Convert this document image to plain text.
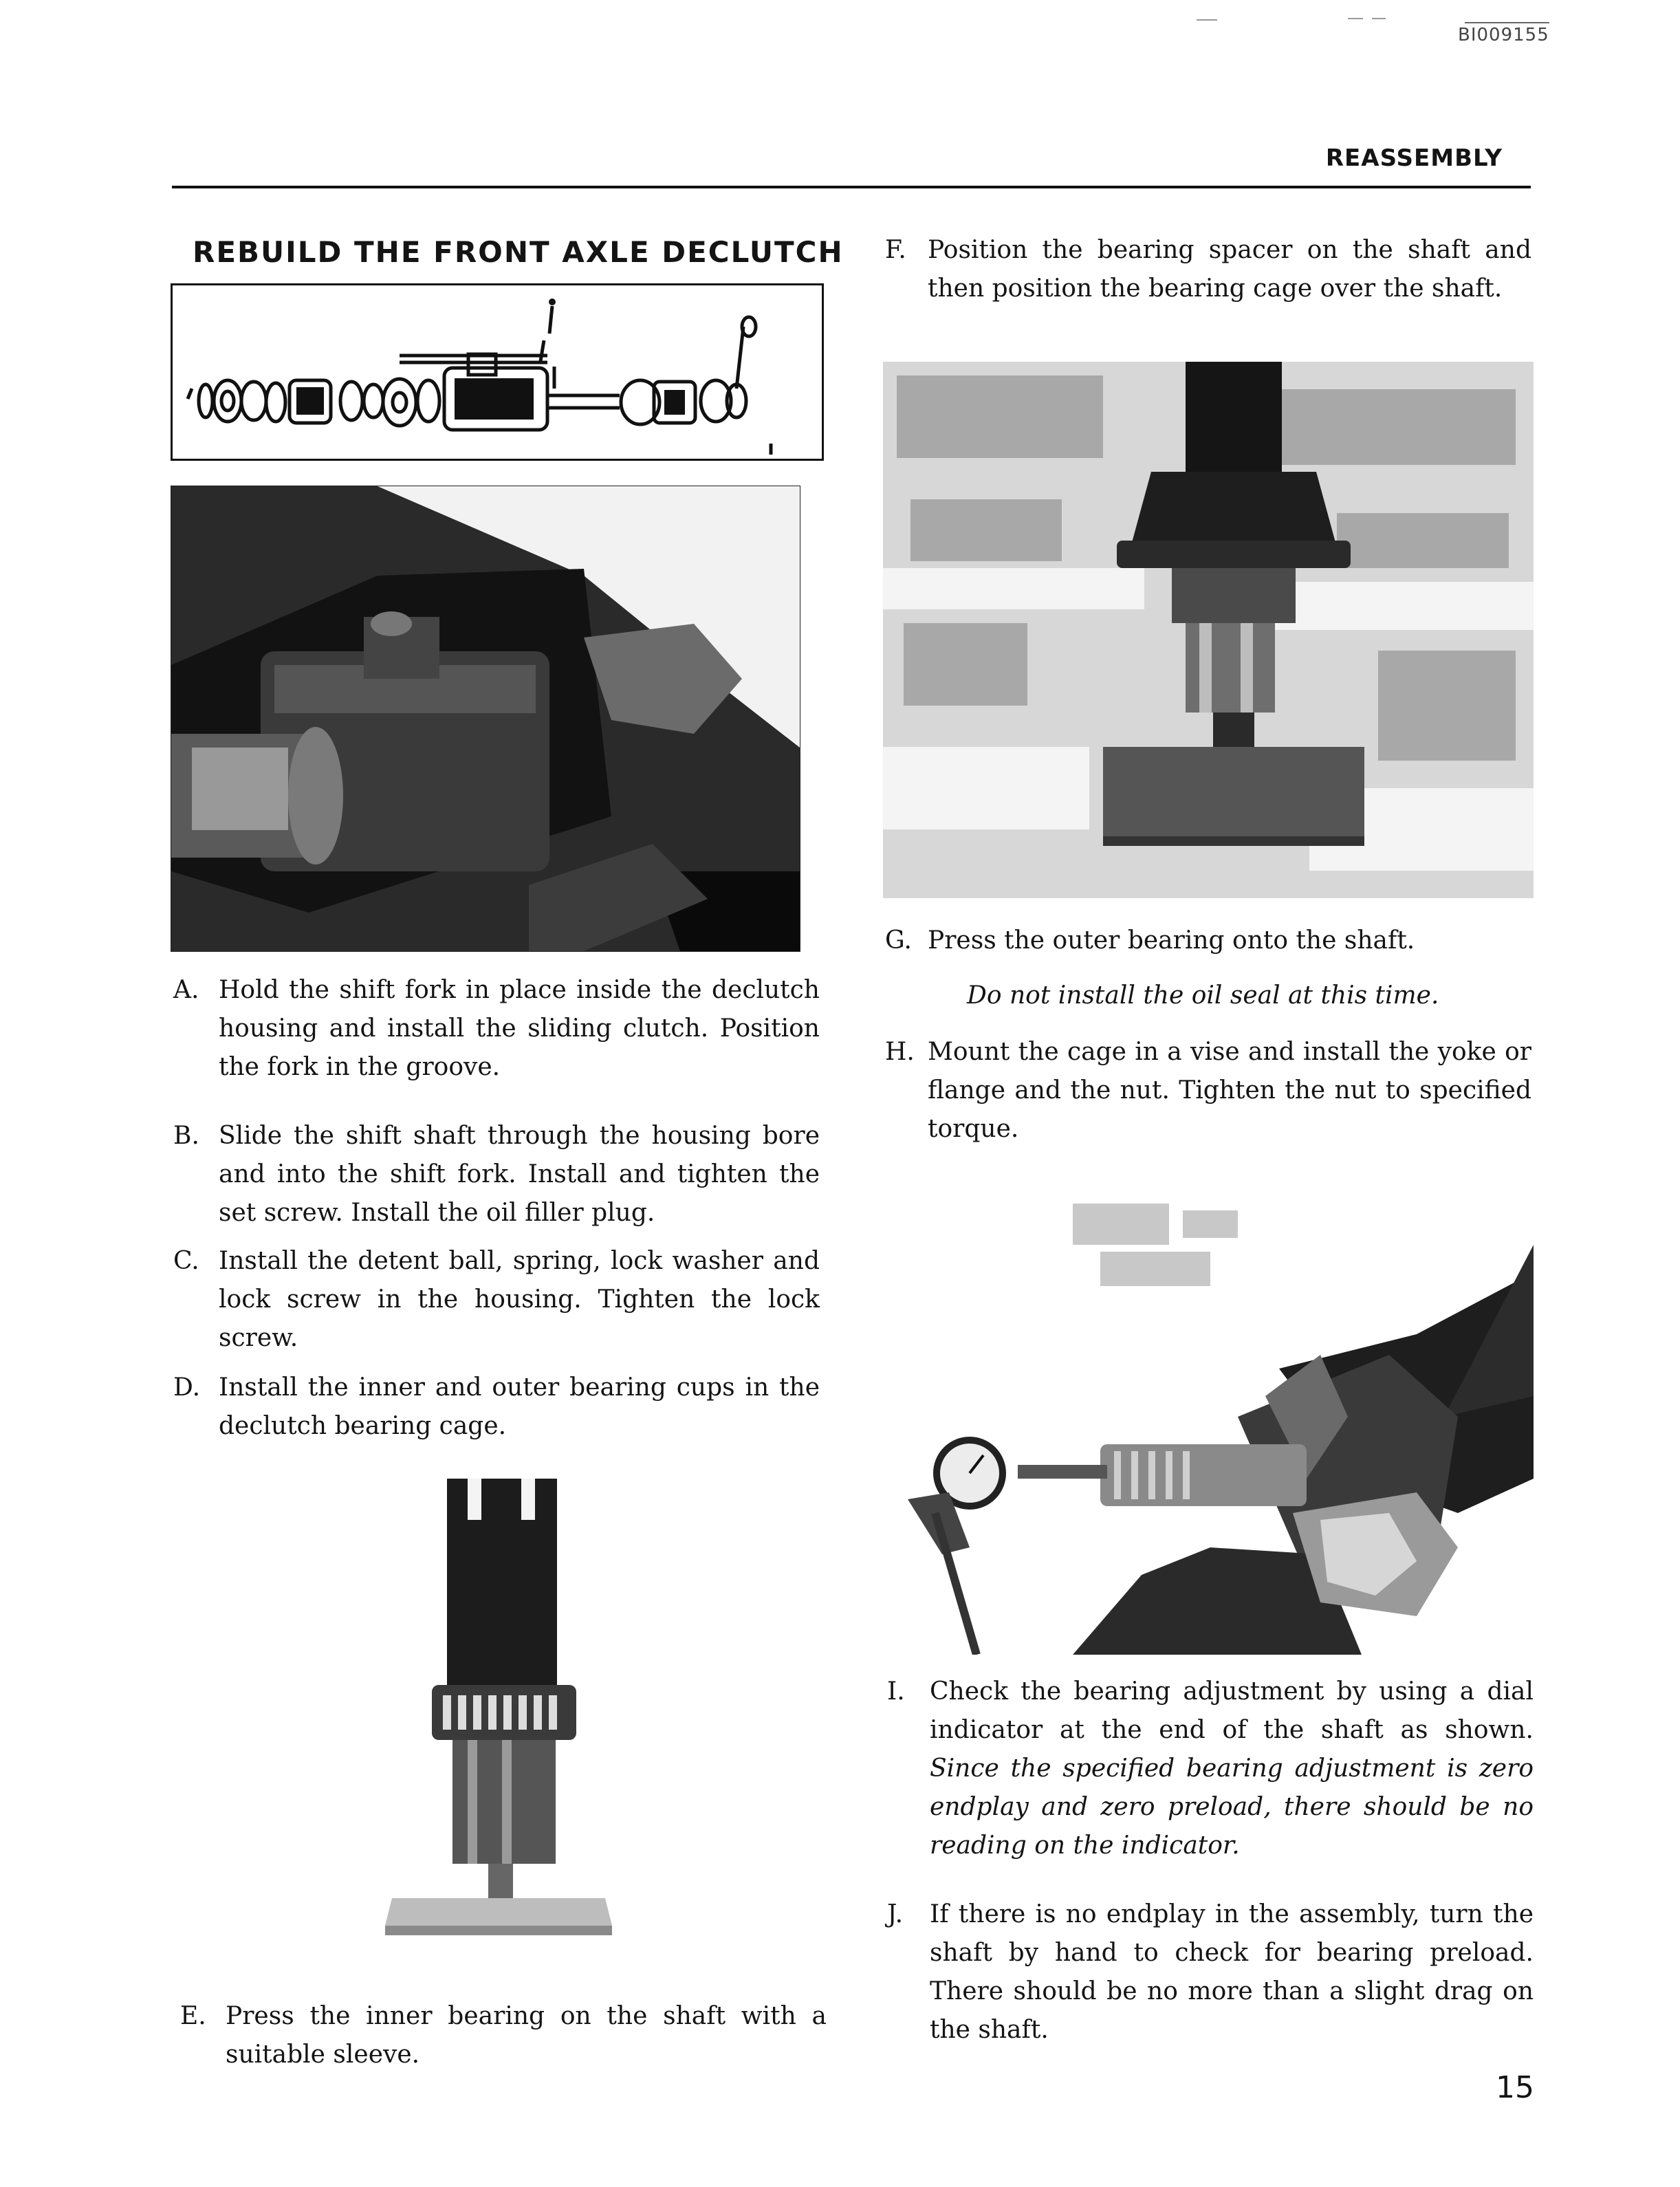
BI009155
REASSEMBLY
REBUILD THE FRONT AXLE DECLUTCH
A. Hold the shift fork in place inside the declutch housing and install the sliding clutch. Position the fork in the groove.
B. Slide the shift shaft through the housing bore and into the shift fork. Install and tighten the set screw. Install the oil filler plug.
C. Install the detent ball, spring, lock washer and lock screw in the housing. Tighten the lock screw.
D. Install the inner and outer bearing cups in the declutch bearing cage.
E. Press the inner bearing on the shaft with a suitable sleeve.
F. Position the bearing spacer on the shaft and then position the bearing cage over the shaft.
G. Press the outer bearing onto the shaft.
Do not install the oil seal at this time.
H. Mount the cage in a vise and install the yoke or flange and the nut. Tighten the nut to specified torque.
I. Check the bearing adjustment by using a dial indicator at the end of the shaft as shown. Since the specified bearing adjustment is zero endplay and zero preload, there should be no reading on the indicator.
J. If there is no endplay in the assembly, turn the shaft by hand to check for bearing preload. There should be no more than a slight drag on the shaft.
15
